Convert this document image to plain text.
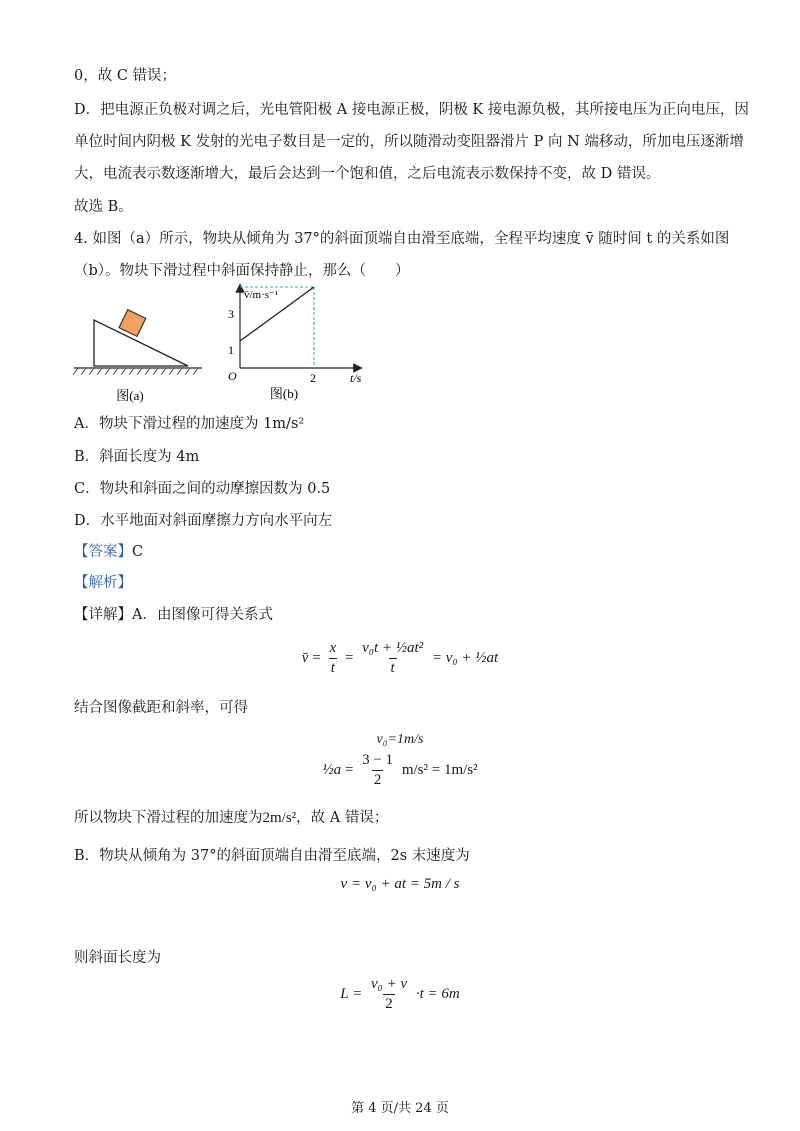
0，故 C 错误；
D．把电源正负极对调之后，光电管阳极 A 接电源正极，阴极 K 接电源负极，其所接电压为正向电压，因
单位时间内阴极 K 发射的光电子数目是一定的，所以随滑动变阻器滑片 P 向 N 端移动，所加电压逐渐增
大，电流表示数逐渐增大，最后会达到一个饱和值，之后电流表示数保持不变，故 D 错误。
故选 B。
4. 如图（a）所示，物块从倾角为 37°的斜面顶端自由滑至底端，全程平均速度 v̄ 随时间 t 的关系如图
（b）。物块下滑过程中斜面保持静止，那么（　　）
图(a)
v̄/m·s⁻¹
t/s
O
3
1
2
图(b)
A．物块下滑过程的加速度为 1m/s²
B．斜面长度为 4m
C．物块和斜面之间的动摩擦因数为 0.5
D．水平地面对斜面摩擦力方向水平向左
【答案】C
【解析】
【详解】A．由图像可得关系式
v̄ = $\frac{x}{t} = \frac{\text{v₀t + ½at²}}{t} = v_0$ + ½at
结合图像截距和斜率，可得
v₀=1m/s
½a = $\frac{3 - 1}{2} m/s^2 = 1m/s^2$
所以物块下滑过程的加速度为2m/s²，故 A 错误；
B．物块从倾角为 37°的斜面顶端自由滑至底端，2s 末速度为
v = v₀ + at = 5m / s
则斜面长度为
$L = \frac{\text{v₀ + v}}{2} \cdot t = 6m$
第 4 页/共 24 页
